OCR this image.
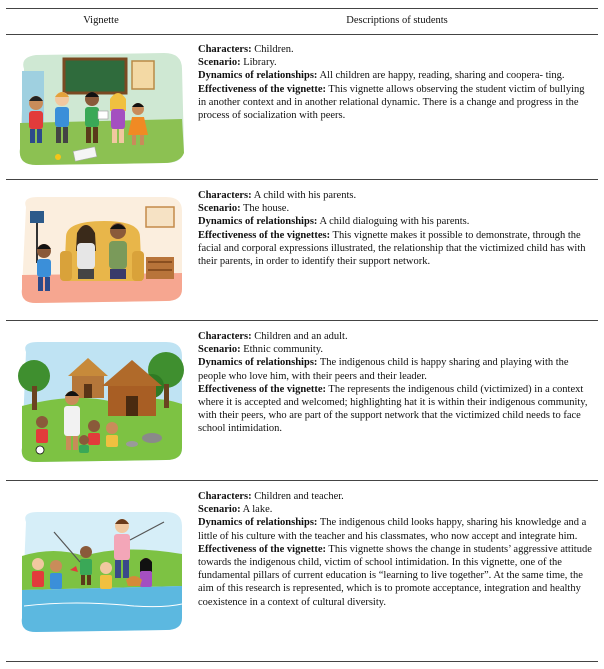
Vignette	Descriptions of students

Characters: Children.

Scenario: Library.

Dynamics of relationships: All children are happy, reading, sharing and coopera- ting.

Effectiveness of the vignette: This vignette allows observing the student victim of bullying in another context and in another relational dynamic. There is a change and progress in the process of socialization with peers.

Characters: A child with his parents.

Scenario: The house.

Dynamics of relationships: A child dialoguing with his parents.

Effectiveness of the vignettes: This vignette makes it possible to demonstrate, through the facial and corporal expressions illustrated, the relationship that the victimized child has with their parents, in order to identify their support network.

Characters: Children and an adult.

Scenario: Ethnic community.

Dynamics of relationships: The indigenous child is happy sharing and playing with the people who love him, with their peers and their leader.

Effectiveness of the vignette: The represents the indigenous child (victimized) in a context where it is accepted and welcomed; highlighting hat it is within their indigenous community, with their peers, who are part of the support network that the victimized child needs to face school intimidation.

Characters: Children and teacher.

Scenario: A lake.

Dynamics of relationships: The indigenous child looks happy, sharing his knowledge and a little of his culture with the teacher and his classmates, who now accept and integrate him.

Effectiveness of the vignette: This vignette shows the change in students’ aggressive attitude towards the indigenous child, victim of school intimidation. In this vignette, one of the fundamental pillars of current education is “learning to live together”. At the same time, the aim of this research is represented, which is to promote acceptance, integration and healthy coexistence in a context of cultural diversity.
